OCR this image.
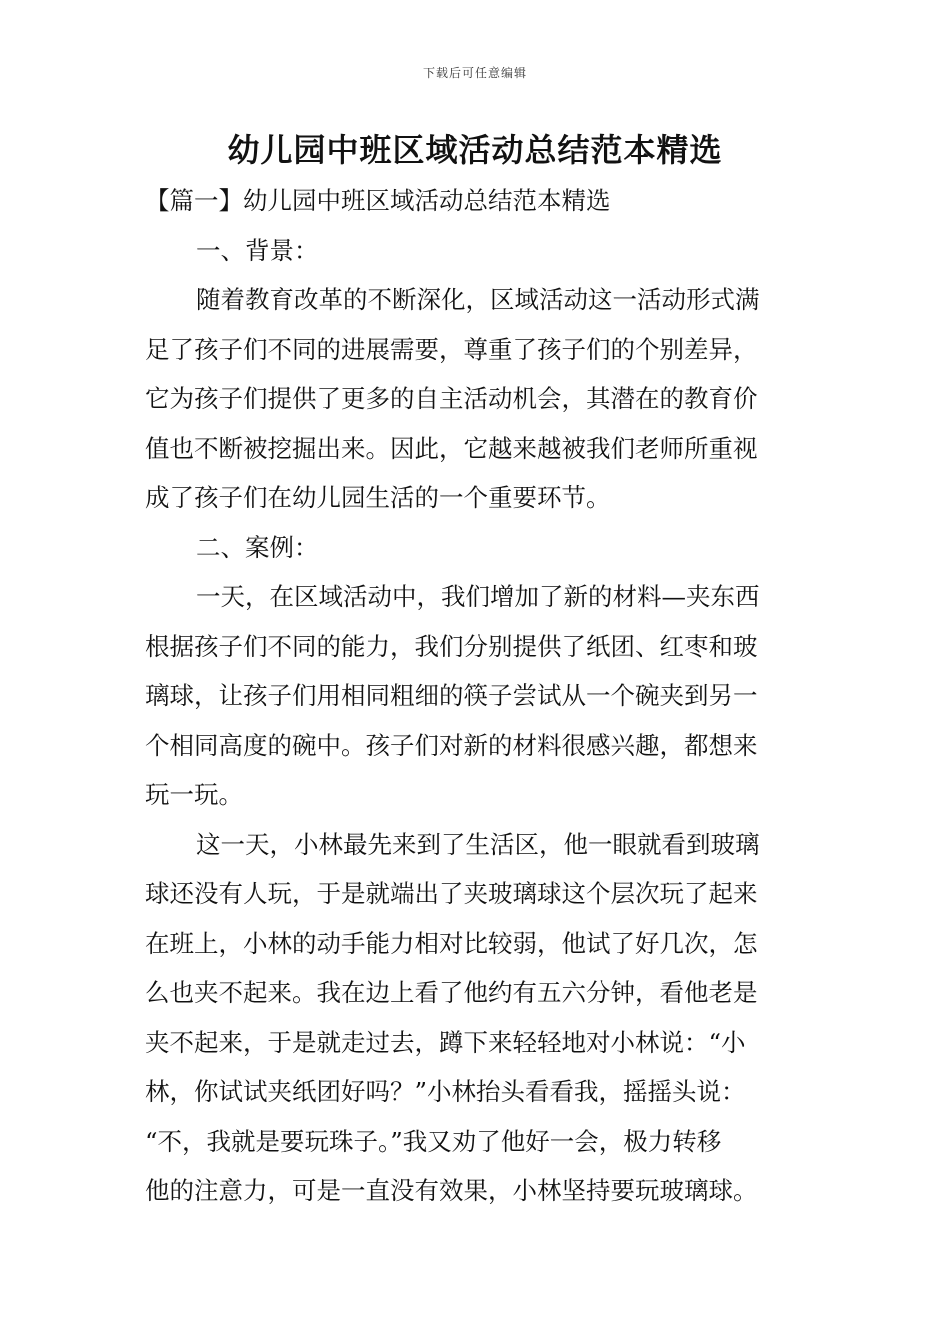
下载后可任意编辑
幼儿园中班区域活动总结范本精选
【篇一】幼儿园中班区域活动总结范本精选
一、背景：
随着教育改革的不断深化，区域活动这一活动形式满
足了孩子们不同的进展需要，尊重了孩子们的个别差异，
它为孩子们提供了更多的自主活动机会，其潜在的教育价
值也不断被挖掘出来。因此，它越来越被我们老师所重视
成了孩子们在幼儿园生活的一个重要环节。
二、案例：
一天，在区域活动中，我们增加了新的材料—夹东西
根据孩子们不同的能力，我们分别提供了纸团、红枣和玻
璃球，让孩子们用相同粗细的筷子尝试从一个碗夹到另一
个相同高度的碗中。孩子们对新的材料很感兴趣，都想来
玩一玩。
这一天，小林最先来到了生活区，他一眼就看到玻璃
球还没有人玩，于是就端出了夹玻璃球这个层次玩了起来
在班上，小林的动手能力相对比较弱，他试了好几次，怎
么也夹不起来。我在边上看了他约有五六分钟，看他老是
夹不起来，于是就走过去，蹲下来轻轻地对小林说：“小
林，你试试夹纸团好吗？”小林抬头看看我，摇摇头说：
“不，我就是要玩珠子。”我又劝了他好一会，极力转移
他的注意力，可是一直没有效果，小林坚持要玩玻璃球。
